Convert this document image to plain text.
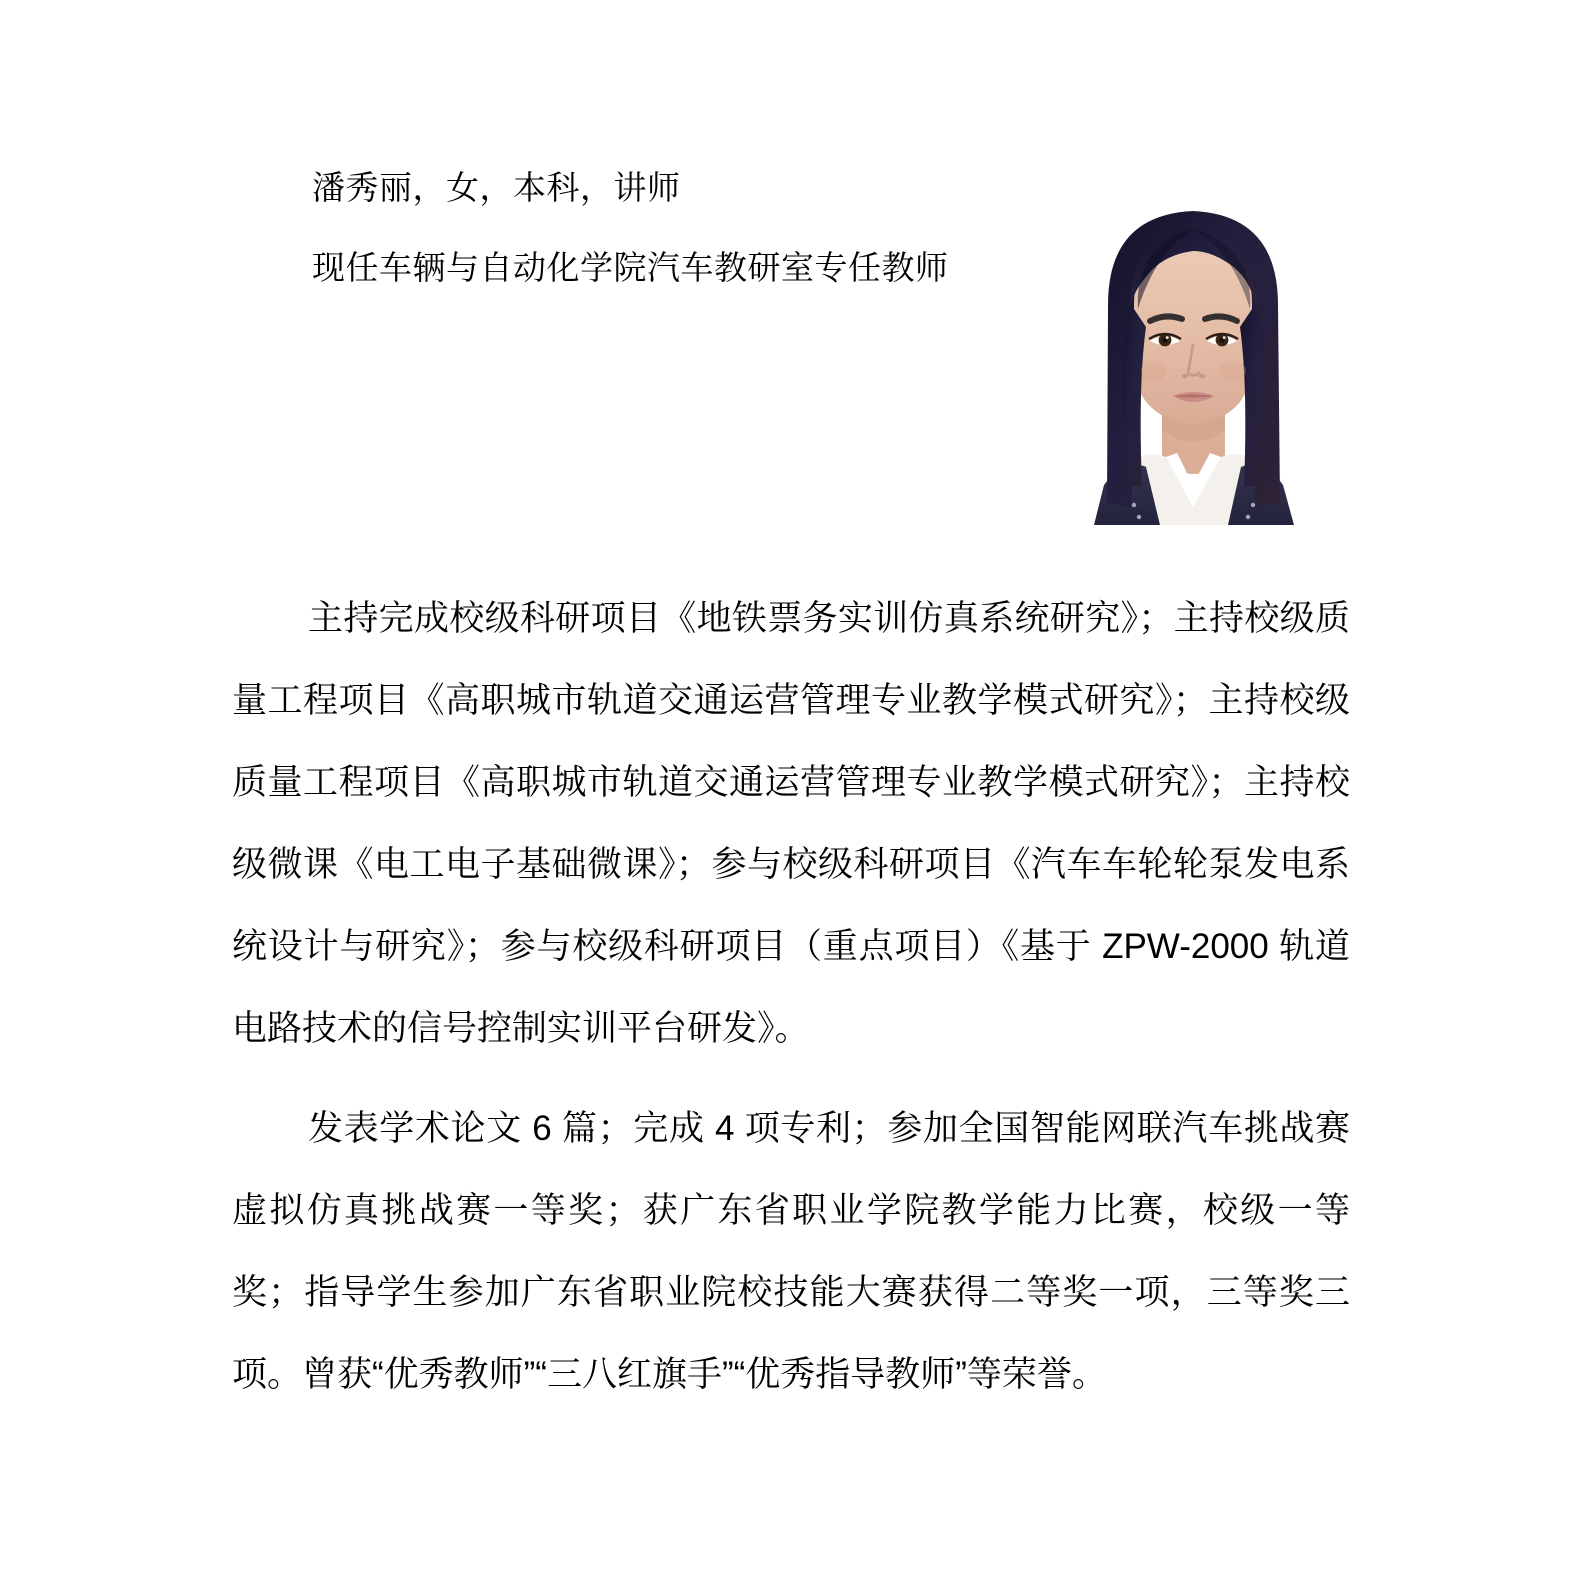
潘秀丽，女，本科，讲师
现任车辆与自动化学院汽车教研室专任教师

主持完成校级科研项目《地铁票务实训仿真系统研究》；主持校级质量工程项目《高职城市轨道交通运营管理专业教学模式研究》；主持校级质量工程项目《高职城市轨道交通运营管理专业教学模式研究》；主持校级微课《电工电子基础微课》；参与校级科研项目《汽车车轮轮泵发电系统设计与研究》；参与校级科研项目（重点项目）《基于 ZPW-2000 轨道电路技术的信号控制实训平台研发》。

发表学术论文 6 篇；完成 4 项专利；参加全国智能网联汽车挑战赛虚拟仿真挑战赛一等奖；获广东省职业学院教学能力比赛，校级一等奖；指导学生参加广东省职业院校技能大赛获得二等奖一项，三等奖三项。曾获“优秀教师”“三八红旗手”“优秀指导教师”等荣誉。
